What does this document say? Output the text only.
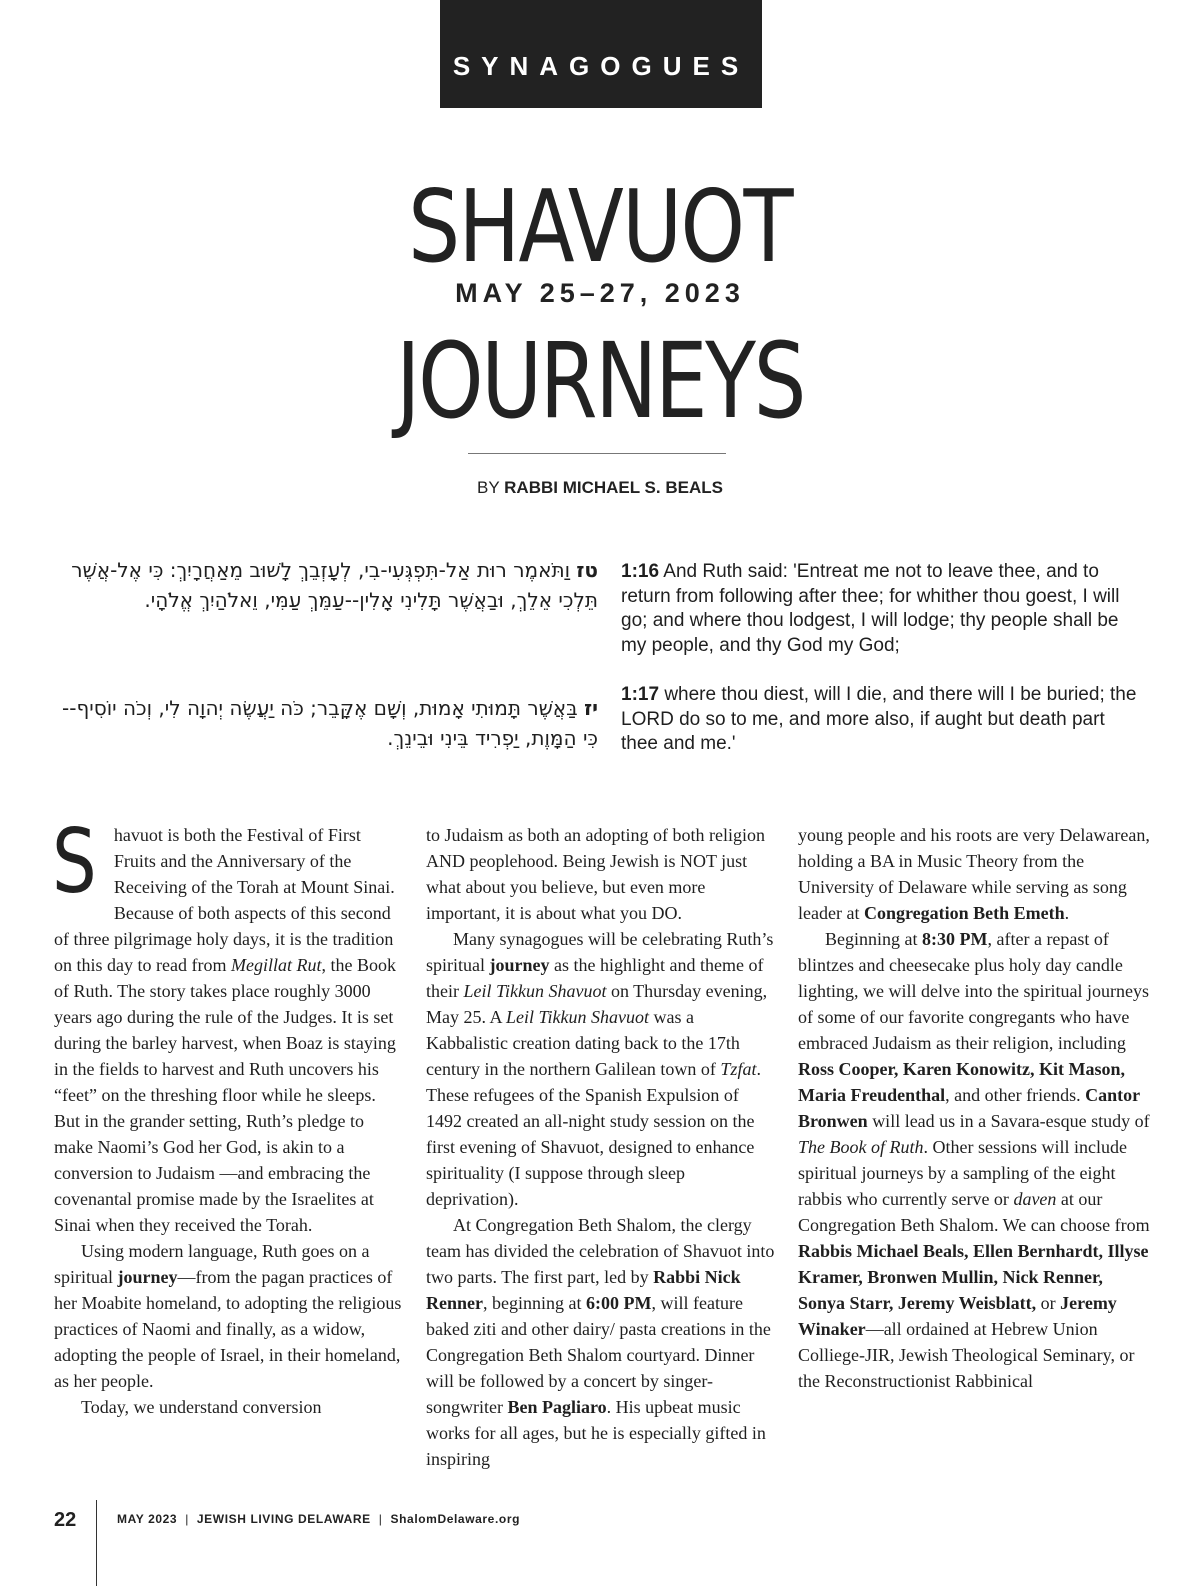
SYNAGOGUES
SHAVUOT
MAY 25–27, 2023
JOURNEYS
BY RABBI MICHAEL S. BEALS
טז וַתֹּאמֶר רוּת אַל-תִּפְגְּעִי-בִי, לְעָזְבֵךְ לָשׁוּב מֵאַחֲרָיִךְ: כִּי אֶל-אֲשֶׁר תֵּלְכִי אֵלֵךְ, וּבַאֲשֶׁר תָּלִינִי אָלִין--עַמֵּךְ עַמִּי, וֵאלֹהַיִךְ אֱלֹהָי.
1:16 And Ruth said: 'Entreat me not to leave thee, and to return from following after thee; for whither thou goest, I will go; and where thou lodgest, I will lodge; thy people shall be my people, and thy God my God;
יז בַּאֲשֶׁר תָּמוּתִי אָמוּת, וְשָׁם אֶקָּבֵר; כֹּה יַעֲשֶׂה יְהוָה לִי, וְכֹה יוֹסִיף--כִּי הַמָּוֶת, יַפְרִיד בֵּינִי וּבֵינֵךְ.
1:17 where thou diest, will I die, and there will I be buried; the LORD do so to me, and more also, if aught but death part thee and me.'

Shavuot is both the Festival of First Fruits and the Anniversary of the Receiving of the Torah at Mount Sinai. Because of both aspects of this second of three pilgrimage holy days, it is the tradition on this day to read from Megillat Rut, the Book of Ruth. The story takes place roughly 3000 years ago during the rule of the Judges. It is set during the barley harvest, when Boaz is staying in the fields to harvest and Ruth uncovers his “feet” on the threshing floor while he sleeps. But in the grander setting, Ruth’s pledge to make Naomi’s God her God, is akin to a conversion to Judaism —and embracing the covenantal promise made by the Israelites at Sinai when they received the Torah.

Using modern language, Ruth goes on a spiritual journey—from the pagan practices of her Moabite homeland, to adopting the religious practices of Naomi and finally, as a widow, adopting the people of Israel, in their homeland, as her people.

Today, we understand conversion

to Judaism as both an adopting of both religion AND peoplehood. Being Jewish is NOT just what about you believe, but even more important, it is about what you DO.

Many synagogues will be celebrating Ruth’s spiritual journey as the highlight and theme of their Leil Tikkun Shavuot on Thursday evening, May 25. A Leil Tikkun Shavuot was a Kabbalistic creation dating back to the 17th century in the northern Galilean town of Tzfat. These refugees of the Spanish Expulsion of 1492 created an all-night study session on the first evening of Shavuot, designed to enhance spirituality (I suppose through sleep deprivation).

At Congregation Beth Shalom, the clergy team has divided the celebration of Shavuot into two parts. The first part, led by Rabbi Nick Renner, beginning at 6:00 PM, will feature baked ziti and other dairy/ pasta creations in the Congregation Beth Shalom courtyard. Dinner will be followed by a concert by singer-songwriter Ben Pagliaro. His upbeat music works for all ages, but he is especially gifted in inspiring

young people and his roots are very Delawarean, holding a BA in Music Theory from the University of Delaware while serving as song leader at Congregation Beth Emeth.

Beginning at 8:30 PM, after a repast of blintzes and cheesecake plus holy day candle lighting, we will delve into the spiritual journeys of some of our favorite congregants who have embraced Judaism as their religion, including Ross Cooper, Karen Konowitz, Kit Mason, Maria Freudenthal, and other friends. Cantor Bronwen will lead us in a Savara-esque study of The Book of Ruth. Other sessions will include spiritual journeys by a sampling of the eight rabbis who currently serve or daven at our Congregation Beth Shalom. We can choose from Rabbis Michael Beals, Ellen Bernhardt, Illyse Kramer, Bronwen Mullin, Nick Renner, Sonya Starr, Jeremy Weisblatt, or Jeremy Winaker—all ordained at Hebrew Union Colliege-JIR, Jewish Theological Seminary, or the Reconstructionist Rabbinical

22	MAY 2023 | JEWISH LIVING DELAWARE | ShalomDelaware.org
